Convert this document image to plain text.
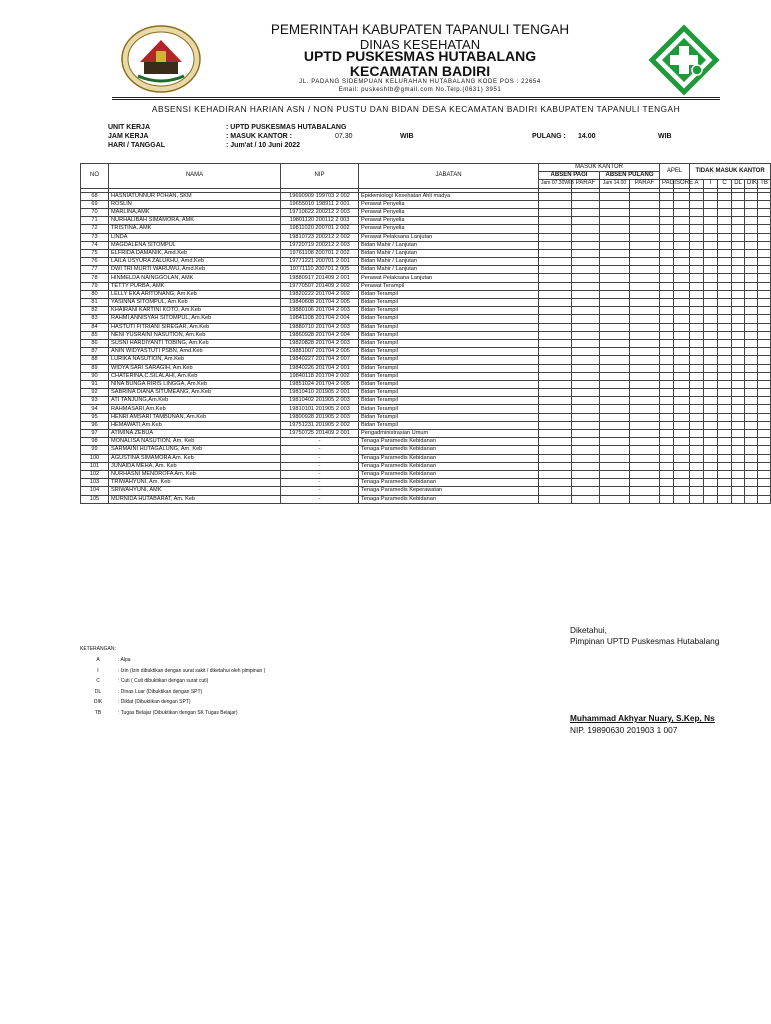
PEMERINTAH KABUPATEN TAPANULI TENGAH
DINAS KESEHATAN
UPTD PUSKESMAS HUTABALANG
KECAMATAN BADIRI
JL. PADANG SIDEMPUAN KELURAHAN HUTABALANG KODE POS : 22654
Email: puskeshtb@gmail.com No.Telp.(0631) 3951
ABSENSI KEHADIRAN HARIAN ASN / NON PUSTU DAN BIDAN DESA KECAMATAN BADIRI KABUPATEN TAPANULI TENGAH
UNIT KERJA	: UPTD PUSKESMAS HUTABALANG
JAM KERJA	: MASUK KANTOR :	07.30	WIB	PULANG : 14.00	WIB
HARI / TANGGAL	: Jum'at / 10 Juni 2022
NO	NAMA	NIP	JABATAN	MASUK KANTOR				APEL		TIDAK MASUK KANTOR					
				ABSEN PAGI		ABSEN PULANG									
				Jam 07.30WIB	PARAF	Jam 14.00	PARAF	PAGI	SORE	A	I	C	DL	DIK	TB

68	HASNIATUNNUR POHAN, SKM	19690909 199703 2 002	Epidemiologi Kesehatan Ahli madya												
69	ROSLIN	19655010 198911 2 001	Perawat Penyelia												
70	MARLINA,AMK	19710622 200212 2 003	Perawat Penyelia												
71	NURHALIBAH SIMAMORA, AMK	19801120 200112 2 003	Perawat Penyelia												
72	TRISTINA, AMK	19811020 200701 2 002	Perawat Penyelia												
73	LINDA	19810723 200212 2 002	Perawat Pelaksana Lanjutan												
74	MAGDALENA SITOMPUL	19720719 200212 2 003	Bidan Mahir / Lanjutan												
75	ELFRIDA DAMANIK, Amd.Keb	19761108 200701 2 002	Bidan Mahir / Lanjutan												
76	LAILA USYURA ZALUKHU, Amd.Keb	19771221 200701 2 001	Bidan Mahir / Lanjutan												
77	DWI TRI MURTI WARUWU, Amd.Keb	19771110 200701 2 005	Bidan Mahir / Lanjutan												
78	HINMELDA NAINGGOLAN, AMK	19880917 201409 2 001	Perawat Pelaksana Lanjutan												
79	TETTY PURBA, AMK	19770507 201409 2 002	Perawat Terampil												
80	LELLY EKA ARITONANG, Am.Keb	19820222 201704 2 002	Bidan Terampil												
81	YASINNA SITOMPUL, Am.Keb	19840608 201704 2 005	Bidan Terampil												
82	KHAIRANI KARTINI KOTO, Am.Keb	19880106 201704 2 003	Bidan Terampil												
83	RAHMI ANNISYAH SITOMPUL, Am.Keb	19841108 201704 2 004	Bidan Terampil												
84	HASTUTI FITRIANI SIREGAR, Am.Keb	19880710 201704 2 003	Bidan Terampil												
85	NENI YUSRAINI NASUTION, Am.Keb	19860928 201704 2 004	Bidan Terampil												
86	SUSNI HARDIYANTI TOBING, Am.Keb	19820828 201704 2 003	Bidan Terampil												
87	ANIN WIDYASTUTI PSBN, Amd.Keb	19881007 201704 2 005	Bidan Terampil												
88	LURIKA NASUTION, Am.Keb	19840227 201704 2 007	Bidan Terampil												
89	WIDYA SARI SARAGIH, Am.Keb	19840226 201704 2 001	Bidan Terampil												
90	CHATERINA.C.SILALAHI, Am.Keb	19840118 201704 2 002	Bidan Terampil												
91	NINA BUNGA RIRIS LINGGA, Am.Keb	19851024 201704 2 005	Bidan Terampil												
92	SABRINA DIANA SITUMEANG, Am.Keb	19810410 201905 2 001	Bidan Terampil												
93	ATI TANJUNG,Am.Keb	19810402 201905 2 003	Bidan Terampil												
94	RAHMASARI,Am.Keb	19810101 201905 2 003	Bidan Terampil												
95	HENRI AMSARI TAMBUNAN, Am.Keb	19800928 201905 2 003	Bidan Terampil												
96	HEMAWATI,Am.Keb	19751231 201905 2 002	Bidan Terampil												
97	ATIMINA ZEBUA	19750725 201409 2 001	Pengadministrasian Umum												
98	MONALISA NASUTION, Am. Keb	-	Tenaga Paramedis Kebidanan												
99	SARMAINI HUTAGALUNG, Am. Keb	-	Tenaga Paramedis Kebidanan												
100	AGUSTINA SIMAMORA Am. Keb	-	Tenaga Paramedis Kebidanan												
101	JUNAIDA MEHA, Am. Keb	-	Tenaga Paramedis Kebidanan												
102	NURHASNI MENDROFA Am. Keb	-	Tenaga Paramedis Kebidanan												
103	TRIWAHYUNI, Am. Keb	-	Tenaga Paramedis Kebidanan												
104	SRIWAHYUNI, AMK	-	Tenaga Paramedis Keperawatan												
105	MURNIDA HUTABARAT, Am. Keb	-	Tenaga Paramedis Kebidanan												
KETERANGAN:
A	: Alpa
I	: Izin (Izin dibuktikan dengan surat sakit / diketahui oleh pimpinan )
C	: Cuti ( Cuti dibuktikan dengan surat cuti)
DL	: Dinas Luar (Dibuktikan dengan SPT)
DIK	: Diklat (Dibuktikan dengan SPT)
TB	: Tugas Belajar (Dibuktikan dengan SK Tugas Belajar)
Diketahui,
Pimpinan UPTD Puskesmas Hutabalang
Muhammad Akhyar Nuary, S.Kep, Ns
NIP. 19890630 201903 1 007
